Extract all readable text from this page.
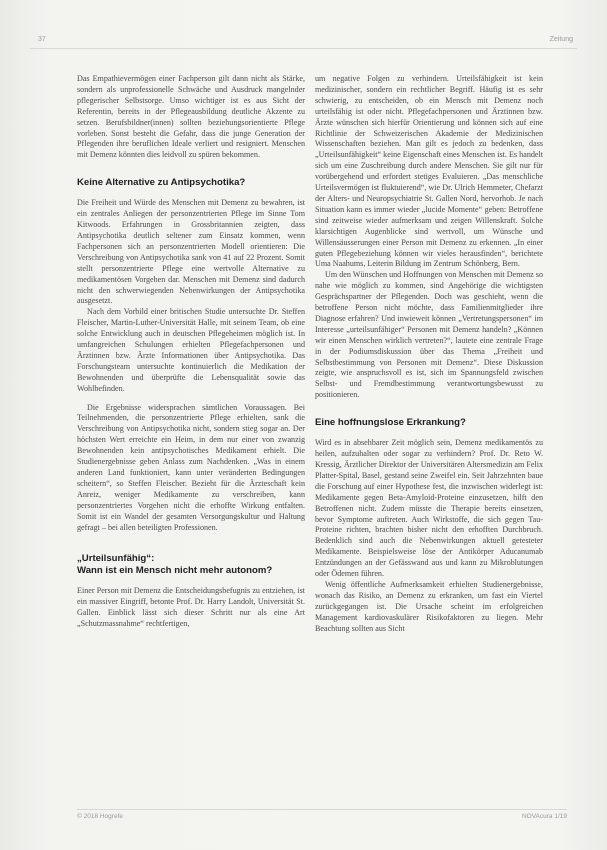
37	Zeitung

Das Empathievermögen einer Fachperson gilt dann nicht als Stärke, sondern als unprofessionelle Schwäche und Ausdruck mangelnder pflegerischer Selbstsorge. Umso wichtiger ist es aus Sicht der Referentin, bereits in der Pflegeausbildung deutliche Akzente zu setzen. Berufsbildner(innen) sollten beziehungsorientierte Pflege vorleben. Sonst besteht die Gefahr, dass die junge Generation der Pflegenden ihre beruflichen Ideale verliert und resigniert. Menschen mit Demenz könnten dies leidvoll zu spüren bekommen.

Keine Alternative zu Antipsychotika?

Die Freiheit und Würde des Menschen mit Demenz zu bewahren, ist ein zentrales Anliegen der personzentrierten Pflege im Sinne Tom Kitwoods. Erfahrungen in Grossbritannien zeigten, dass Antipsychotika deutlich seltener zum Einsatz kommen, wenn Fachpersonen sich an personzentrierten Modell orientieren: Die Verschreibung von Antipsychotika sank von 41 auf 22 Prozent. Somit stellt personzentrierte Pflege eine wertvolle Alternative zu medikamentösen Vorgehen dar. Menschen mit Demenz sind dadurch nicht den schwerwiegenden Nebenwirkungen der Antipsychotika ausgesetzt.

Nach dem Vorbild einer britischen Studie untersuchte Dr. Steffen Fleischer, Martin-Luther-Universität Halle, mit seinem Team, ob eine solche Entwicklung auch in deutschen Pflegeheimen möglich ist. In umfangreichen Schulungen erhielten Pflegefachpersonen und Ärztinnen bzw. Ärzte Informationen über Antipsychotika. Das Forschungsteam untersuchte kontinuierlich die Medikation der Bewohnenden und überprüfte die Lebensqualität sowie das Wohlbefinden.

Die Ergebnisse widersprachen sämtlichen Voraussagen. Bei Teilnehmenden, die personzentrierte Pflege erhielten, sank die Verschreibung von Antipsychotika nicht, sondern stieg sogar an. Der höchsten Wert erreichte ein Heim, in dem nur einer von zwanzig Bewohnenden kein antipsychotisches Medikament erhielt. Die Studienergebnisse geben Anlass zum Nachdenken. „Was in einem anderen Land funktioniert, kann unter veränderten Bedingungen scheitern“, so Steffen Fleischer. Bezieht für die Ärzteschaft kein Anreiz, weniger Medikamente zu verschreiben, kann personzentriertes Vorgehen nicht die erhoffte Wirkung entfalten. Somit ist ein Wandel der gesamten Versorgungskultur und Haltung gefragt – bei allen beteiligten Professionen.

„Urteilsunfähig“:
Wann ist ein Mensch nicht mehr autonom?

Einer Person mit Demenz die Entscheidungsbefugnis zu entziehen, ist ein massiver Eingriff, betonte Prof. Dr. Harry Landolt, Universität St. Gallen. Einblick lässt sich dieser Schritt nur als eine Art „Schutzmassnahme“ rechtfertigen,

um negative Folgen zu verhindern. Urteilsfähigkeit ist kein medizinischer, sondern ein rechtlicher Begriff. Häufig ist es sehr schwierig, zu entscheiden, ob ein Mensch mit Demenz noch urteilsfähig ist oder nicht. Pflegefachpersonen und Ärztinnen bzw. Ärzte wünschen sich hierfür Orientierung und können sich auf eine Richtlinie der Schweizerischen Akademie der Medizinischen Wissenschaften beziehen. Man gilt es jedoch zu bedenken, dass „Urteilsunfähigkeit“ keine Eigenschaft eines Menschen ist. Es handelt sich um eine Zuschreibung durch andere Menschen. Sie gilt nur für vorübergehend und erfordert stetiges Evaluieren. „Das menschliche Urteilsvermögen ist fluktuierend“, wie Dr. Ulrich Hemmeter, Chefarzt der Alters- und Neuropsychiatrie St. Gallen Nord, hervorhob. Je nach Situation kann es immer wieder „lucide Momente“ geben: Betroffene sind zeitweise wieder aufmerksam und zeigen Willenskraft. Solche klarsichtigen Augenblicke sind wertvoll, um Wünsche und Willensäusserungen einer Person mit Demenz zu erkennen. „In einer guten Pflegebeziehung können wir vieles herausfinden“, berichtete Uma Naahums, Leiterin Bildung im Zentrum Schönberg, Bern.

Um den Wünschen und Hoffnungen von Menschen mit Demenz so nahe wie möglich zu kommen, sind Angehörige die wichtigsten Gesprächspartner der Pflegenden. Doch was geschieht, wenn die betroffene Person nicht möchte, dass Familienmitglieder ihre Diagnose erfahren? Und inwieweit können „Vertretungspersonen“ im Interesse „urteilsunfähiger“ Personen mit Demenz handeln? „Können wir einen Menschen wirklich vertreten?“, lautete eine zentrale Frage in der Podiumsdiskussion über das Thema „Freiheit und Selbstbestimmung von Personen mit Demenz“. Diese Diskussion zeigte, wie anspruchsvoll es ist, sich im Spannungsfeld zwischen Selbst- und Fremdbestimmung verantwortungsbewusst zu positionieren.

Eine hoffnungslose Erkrankung?

Wird es in absehbarer Zeit möglich sein, Demenz medikamentös zu heilen, aufzuhalten oder sogar zu verhindern? Prof. Dr. Reto W. Kressig, Ärztlicher Direktor der Universitären Altersmedizin am Felix Platter-Spital, Basel, gestand seine Zweifel ein. Seit Jahrzehnten baue die Forschung auf einer Hypothese fest, die inzwischen widerlegt ist: Medikamente gegen Beta-Amyloid-Proteine einzusetzen, hilft den Betroffenen nicht. Zudem müsste die Therapie bereits einsetzen, bevor Symptome auftreten. Auch Wirkstoffe, die sich gegen Tau-Proteine richten, brachten bisher nicht den erhofften Durchbruch. Bedenklich sind auch die Nebenwirkungen aktuell getesteter Medikamente. Beispielsweise löse der Antikörper Aducanumab Entzündungen an der Gefässwand aus und kann zu Mikroblutungen oder Ödemen führen.

Wenig öffentliche Aufmerksamkeit erhielten Studienergebnisse, wonach das Risiko, an Demenz zu erkranken, um fast ein Viertel zurückgegangen ist. Die Ursache scheint im erfolgreichen Management kardiovaskulärer Risikofaktoren zu liegen. Mehr Beachtung sollten aus Sicht

© 2018 Hogrefe	NOVAcura 1/19
